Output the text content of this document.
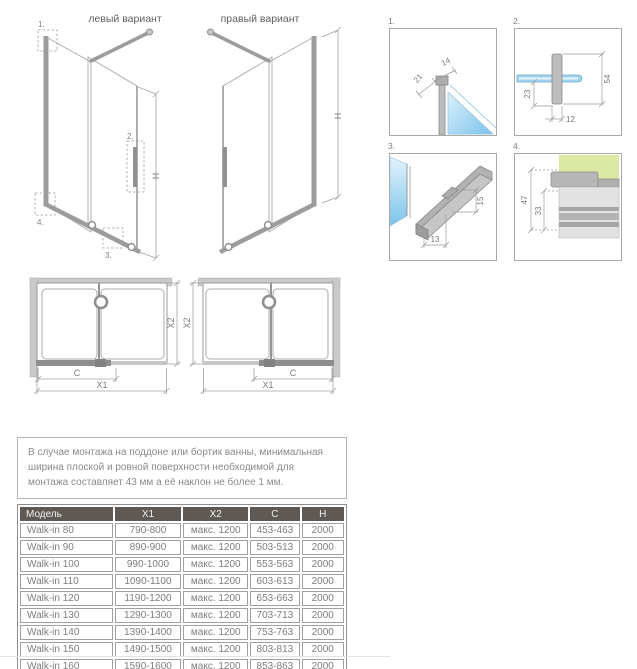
левый вариант	правый вариант
H
1.
2.
3.
4.
H
1.
21
14
2.
23
54
12
3.
13
15
4.
47
33
C
X1
X2
C
X1
X2
В случае монтажа на поддоне или бортик ванны, минимальная ширина плоской и ровной поверхности необходимой для монтажа составляет 43 мм а её наклон не более 1 мм.
Модель	X1	X2	C	H
Walk-in 80	790-800	макс. 1200	453-463	2000
Walk-in 90	890-900	макс. 1200	503-513	2000
Walk-in 100	990-1000	макс. 1200	553-563	2000
Walk-in 110	1090-1100	макс. 1200	603-613	2000
Walk-in 120	1190-1200	макс. 1200	653-663	2000
Walk-in 130	1290-1300	макс. 1200	703-713	2000
Walk-in 140	1390-1400	макс. 1200	753-763	2000
Walk-in 150	1490-1500	макс. 1200	803-813	2000
Walk-in 160	1590-1600	макс. 1200	853-863	2000
